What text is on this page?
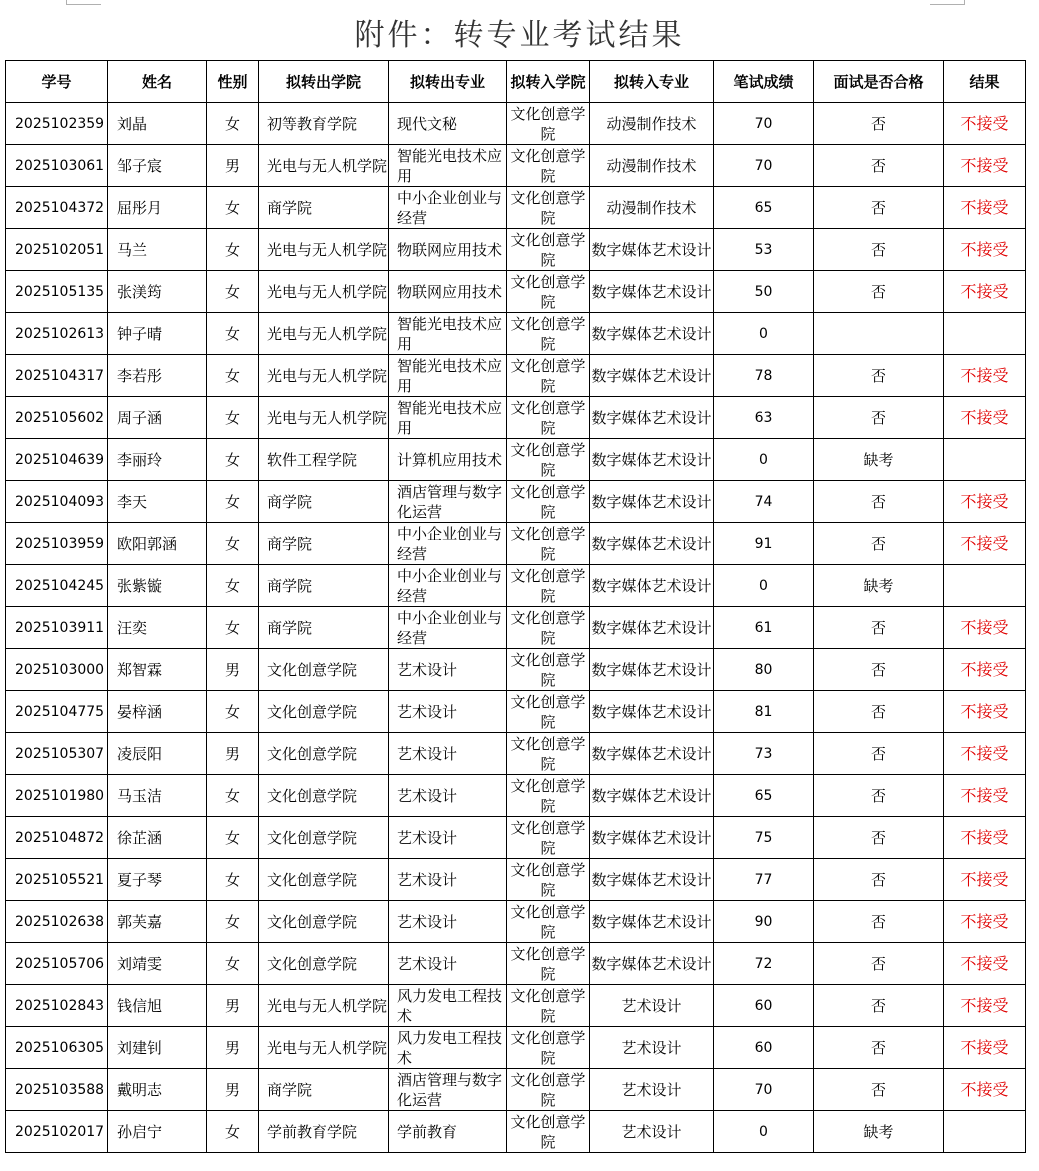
附件：转专业考试结果
学号	姓名	性别	拟转出学院	拟转出专业	拟转入学院	拟转入专业	笔试成绩	面试是否合格	结果
2025102359	刘晶	女	初等教育学院	现代文秘	文化创意学院	动漫制作技术	70	否	不接受
2025103061	邹子宸	男	光电与无人机学院	智能光电技术应用	文化创意学院	动漫制作技术	70	否	不接受
2025104372	屈彤月	女	商学院	中小企业创业与经营	文化创意学院	动漫制作技术	65	否	不接受
2025102051	马兰	女	光电与无人机学院	物联网应用技术	文化创意学院	数字媒体艺术设计	53	否	不接受
2025105135	张渼筠	女	光电与无人机学院	物联网应用技术	文化创意学院	数字媒体艺术设计	50	否	不接受
2025102613	钟子晴	女	光电与无人机学院	智能光电技术应用	文化创意学院	数字媒体艺术设计	0		
2025104317	李若彤	女	光电与无人机学院	智能光电技术应用	文化创意学院	数字媒体艺术设计	78	否	不接受
2025105602	周子涵	女	光电与无人机学院	智能光电技术应用	文化创意学院	数字媒体艺术设计	63	否	不接受
2025104639	李丽玲	女	软件工程学院	计算机应用技术	文化创意学院	数字媒体艺术设计	0	缺考	
2025104093	李天	女	商学院	酒店管理与数字化运营	文化创意学院	数字媒体艺术设计	74	否	不接受
2025103959	欧阳郭涵	女	商学院	中小企业创业与经营	文化创意学院	数字媒体艺术设计	91	否	不接受
2025104245	张紫镟	女	商学院	中小企业创业与经营	文化创意学院	数字媒体艺术设计	0	缺考	
2025103911	汪奕	女	商学院	中小企业创业与经营	文化创意学院	数字媒体艺术设计	61	否	不接受
2025103000	郑智霖	男	文化创意学院	艺术设计	文化创意学院	数字媒体艺术设计	80	否	不接受
2025104775	晏梓涵	女	文化创意学院	艺术设计	文化创意学院	数字媒体艺术设计	81	否	不接受
2025105307	凌辰阳	男	文化创意学院	艺术设计	文化创意学院	数字媒体艺术设计	73	否	不接受
2025101980	马玉洁	女	文化创意学院	艺术设计	文化创意学院	数字媒体艺术设计	65	否	不接受
2025104872	徐芷涵	女	文化创意学院	艺术设计	文化创意学院	数字媒体艺术设计	75	否	不接受
2025105521	夏子琴	女	文化创意学院	艺术设计	文化创意学院	数字媒体艺术设计	77	否	不接受
2025102638	郭芙嘉	女	文化创意学院	艺术设计	文化创意学院	数字媒体艺术设计	90	否	不接受
2025105706	刘靖雯	女	文化创意学院	艺术设计	文化创意学院	数字媒体艺术设计	72	否	不接受
2025102843	钱信旭	男	光电与无人机学院	风力发电工程技术	文化创意学院	艺术设计	60	否	不接受
2025106305	刘建钊	男	光电与无人机学院	风力发电工程技术	文化创意学院	艺术设计	60	否	不接受
2025103588	戴明志	男	商学院	酒店管理与数字化运营	文化创意学院	艺术设计	70	否	不接受
2025102017	孙启宁	女	学前教育学院	学前教育	文化创意学院	艺术设计	0	缺考	
